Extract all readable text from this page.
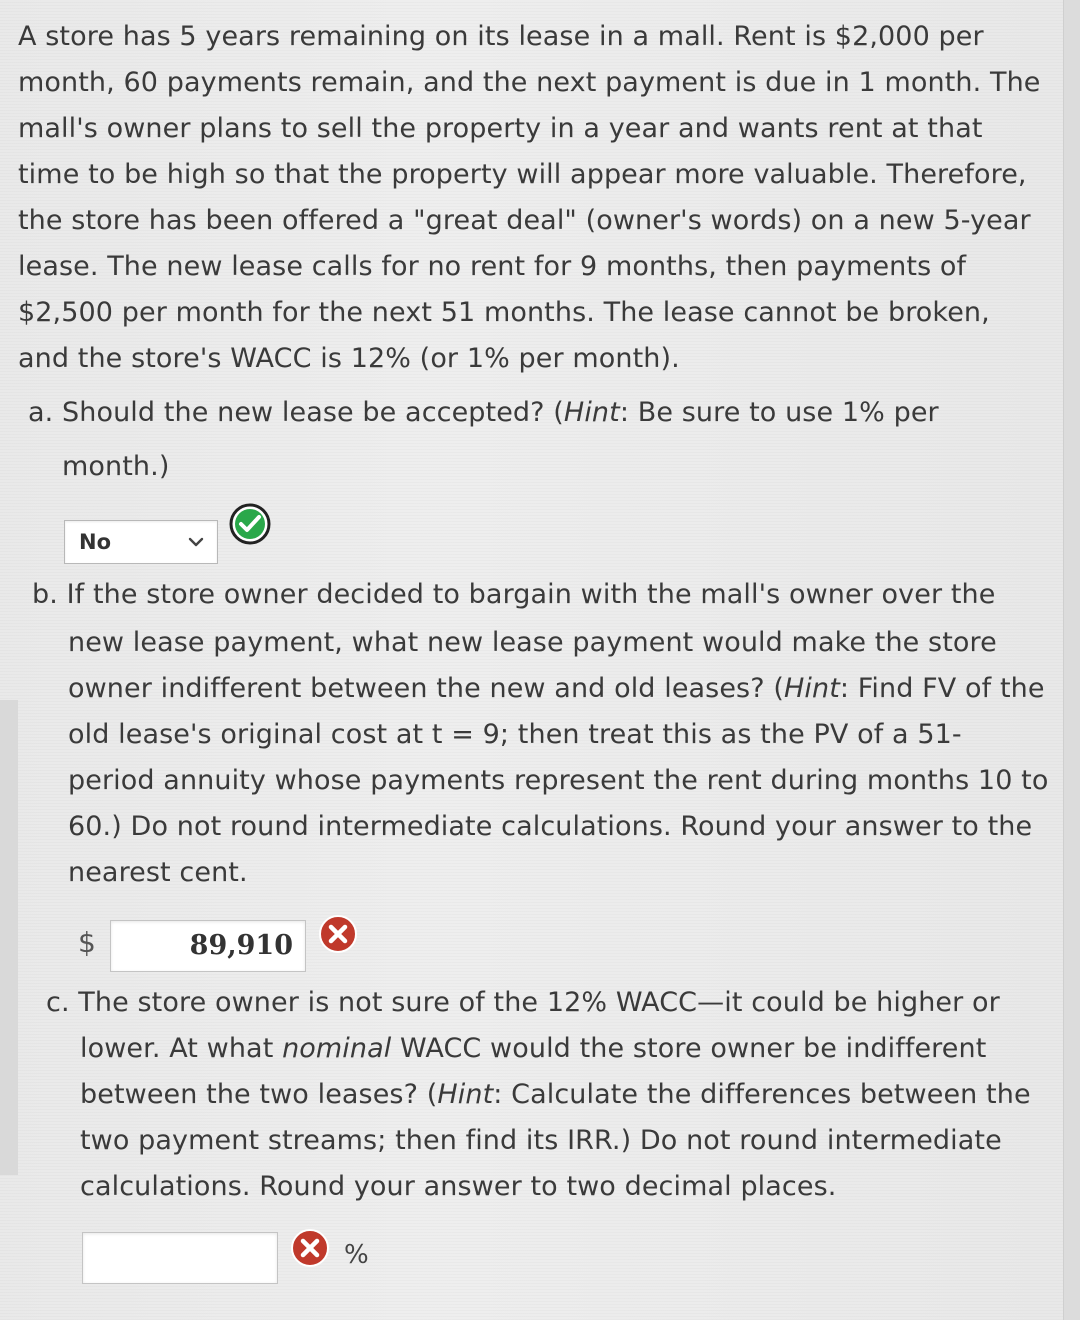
A store has 5 years remaining on its lease in a mall. Rent is $2,000 per
month, 60 payments remain, and the next payment is due in 1 month. The
mall's owner plans to sell the property in a year and wants rent at that
time to be high so that the property will appear more valuable. Therefore,
the store has been offered a "great deal" (owner's words) on a new 5-year
lease. The new lease calls for no rent for 9 months, then payments of
$2,500 per month for the next 51 months. The lease cannot be broken,
and the store's WACC is 12% (or 1% per month).
a. Should the new lease be accepted? (Hint: Be sure to use 1% per
month.)
No
b. If the store owner decided to bargain with the mall's owner over the
new lease payment, what new lease payment would make the store
owner indifferent between the new and old leases? (Hint: Find FV of the
old lease's original cost at t = 9; then treat this as the PV of a 51-
period annuity whose payments represent the rent during months 10 to
60.) Do not round intermediate calculations. Round your answer to the
nearest cent.
$	89,910
c. The store owner is not sure of the 12% WACC—it could be higher or
lower. At what nominal WACC would the store owner be indifferent
between the two leases? (Hint: Calculate the differences between the
two payment streams; then find its IRR.) Do not round intermediate
calculations. Round your answer to two decimal places.
%
